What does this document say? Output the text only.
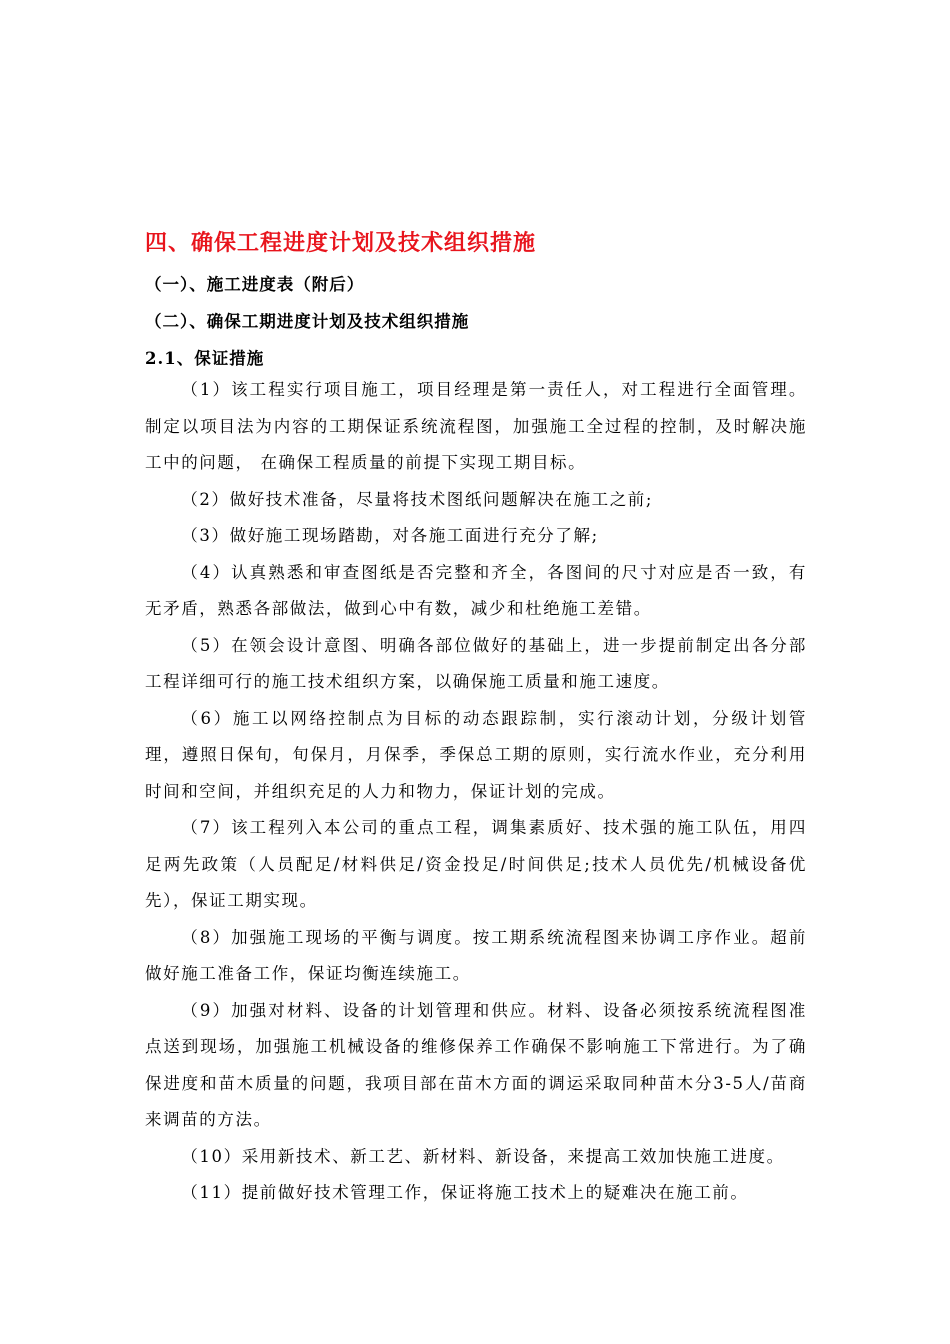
四、确保工程进度计划及技术组织措施
（一）、施工进度表（附后）
（二）、确保工期进度计划及技术组织措施
2.1、保证措施

（1）该工程实行项目施工，项目经理是第一责任人，对工程进行全面管理。制定以项目法为内容的工期保证系统流程图，加强施工全过程的控制，及时解决施工中的问题， 在确保工程质量的前提下实现工期目标。

（2）做好技术准备，尽量将技术图纸问题解决在施工之前;

（3）做好施工现场踏勘，对各施工面进行充分了解;

（4）认真熟悉和审查图纸是否完整和齐全，各图间的尺寸对应是否一致，有无矛盾，熟悉各部做法，做到心中有数，减少和杜绝施工差错。

（5）在领会设计意图、明确各部位做好的基础上，进一步提前制定出各分部工程详细可行的施工技术组织方案，以确保施工质量和施工速度。

（6）施工以网络控制点为目标的动态跟踪制，实行滚动计划，分级计划管理，遵照日保旬，旬保月，月保季，季保总工期的原则，实行流水作业，充分利用时间和空间，并组织充足的人力和物力，保证计划的完成。

（7）该工程列入本公司的重点工程，调集素质好、技术强的施工队伍，用四足两先政策（人员配足/材料供足/资金投足/时间供足;技术人员优先/机械设备优先），保证工期实现。

（8）加强施工现场的平衡与调度。按工期系统流程图来协调工序作业。超前做好施工准备工作，保证均衡连续施工。

（9）加强对材料、设备的计划管理和供应。材料、设备必须按系统流程图准点送到现场，加强施工机械设备的维修保养工作确保不影响施工下常进行。为了确保进度和苗木质量的问题，我项目部在苗木方面的调运采取同种苗木分3-5人/苗商来调苗的方法。

（10）采用新技术、新工艺、新材料、新设备，来提高工效加快施工进度。

（11）提前做好技术管理工作，保证将施工技术上的疑难决在施工前。
